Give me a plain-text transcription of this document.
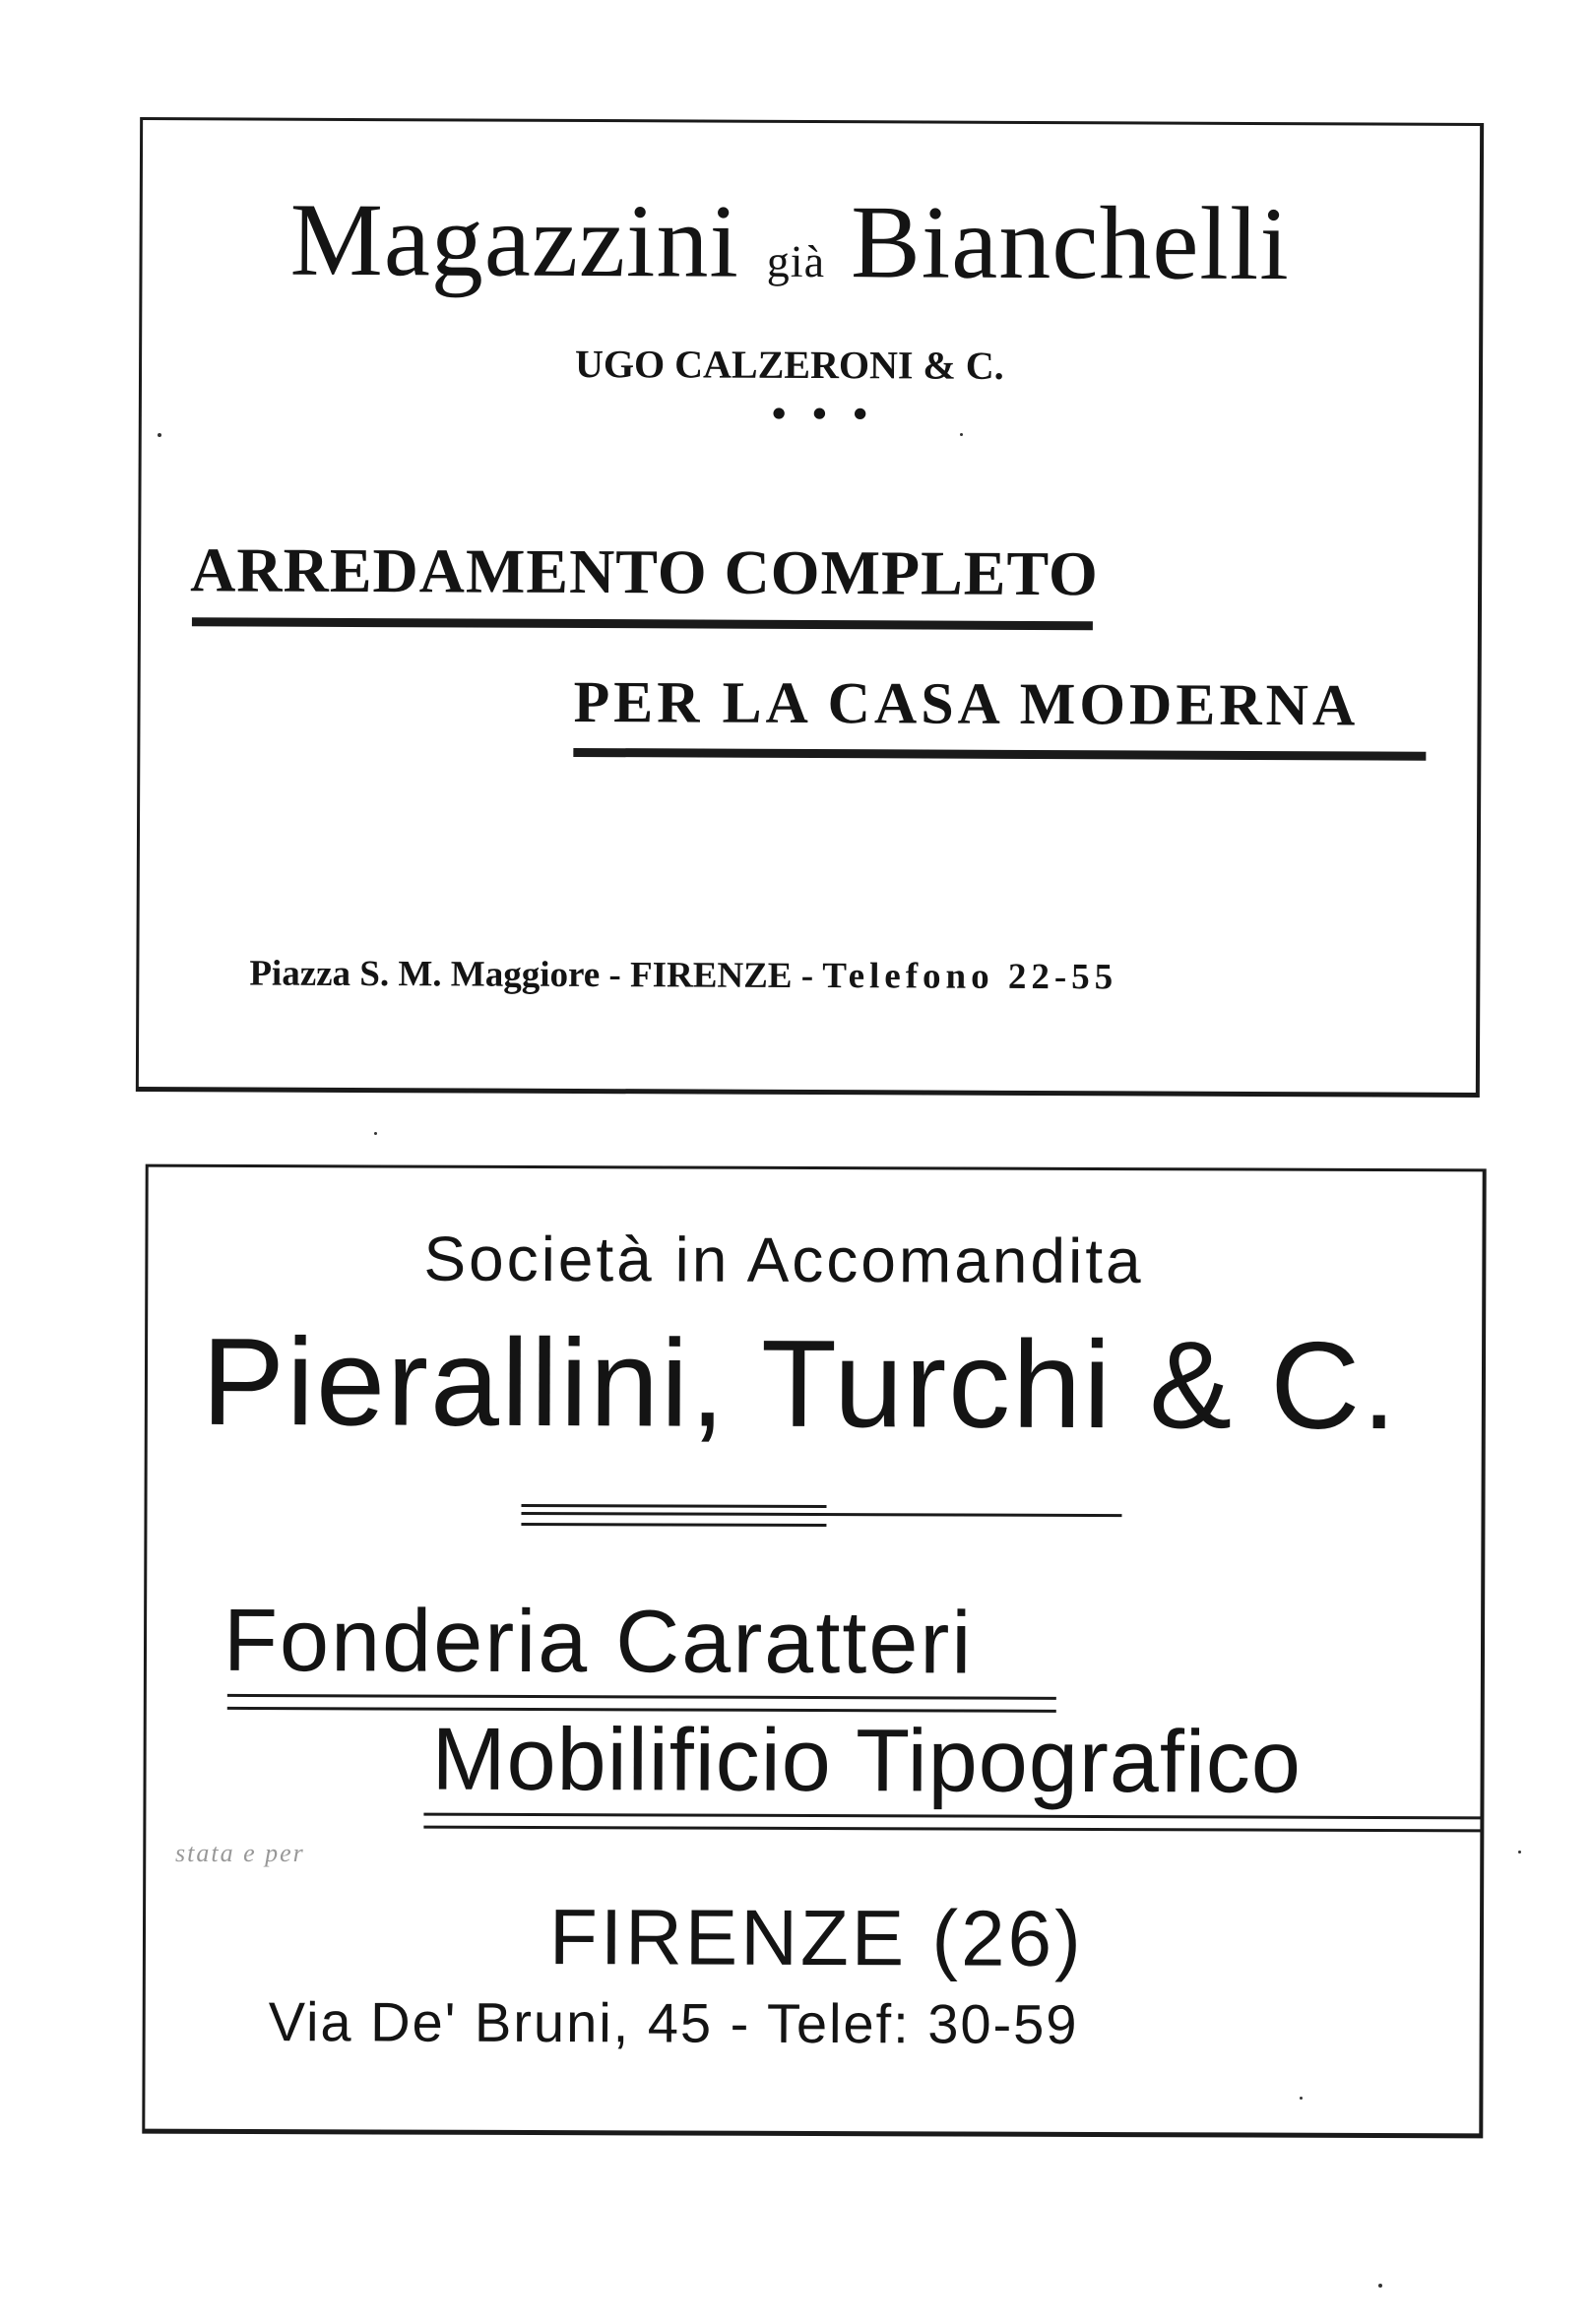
Magazzini già Bianchelli
UGO CALZERONI & C.
• • •
ARREDAMENTO COMPLETO
PER LA CASA MODERNA
Piazza S. M. Maggiore - FIRENZE - Telefono 22-55
Società in Accomandita
Pierallini, Turchi & C.
Fonderia Caratteri
Mobilificio Tipografico
FIRENZE (26)
Via De' Bruni, 45 - Telef: 30-59
stata e per
